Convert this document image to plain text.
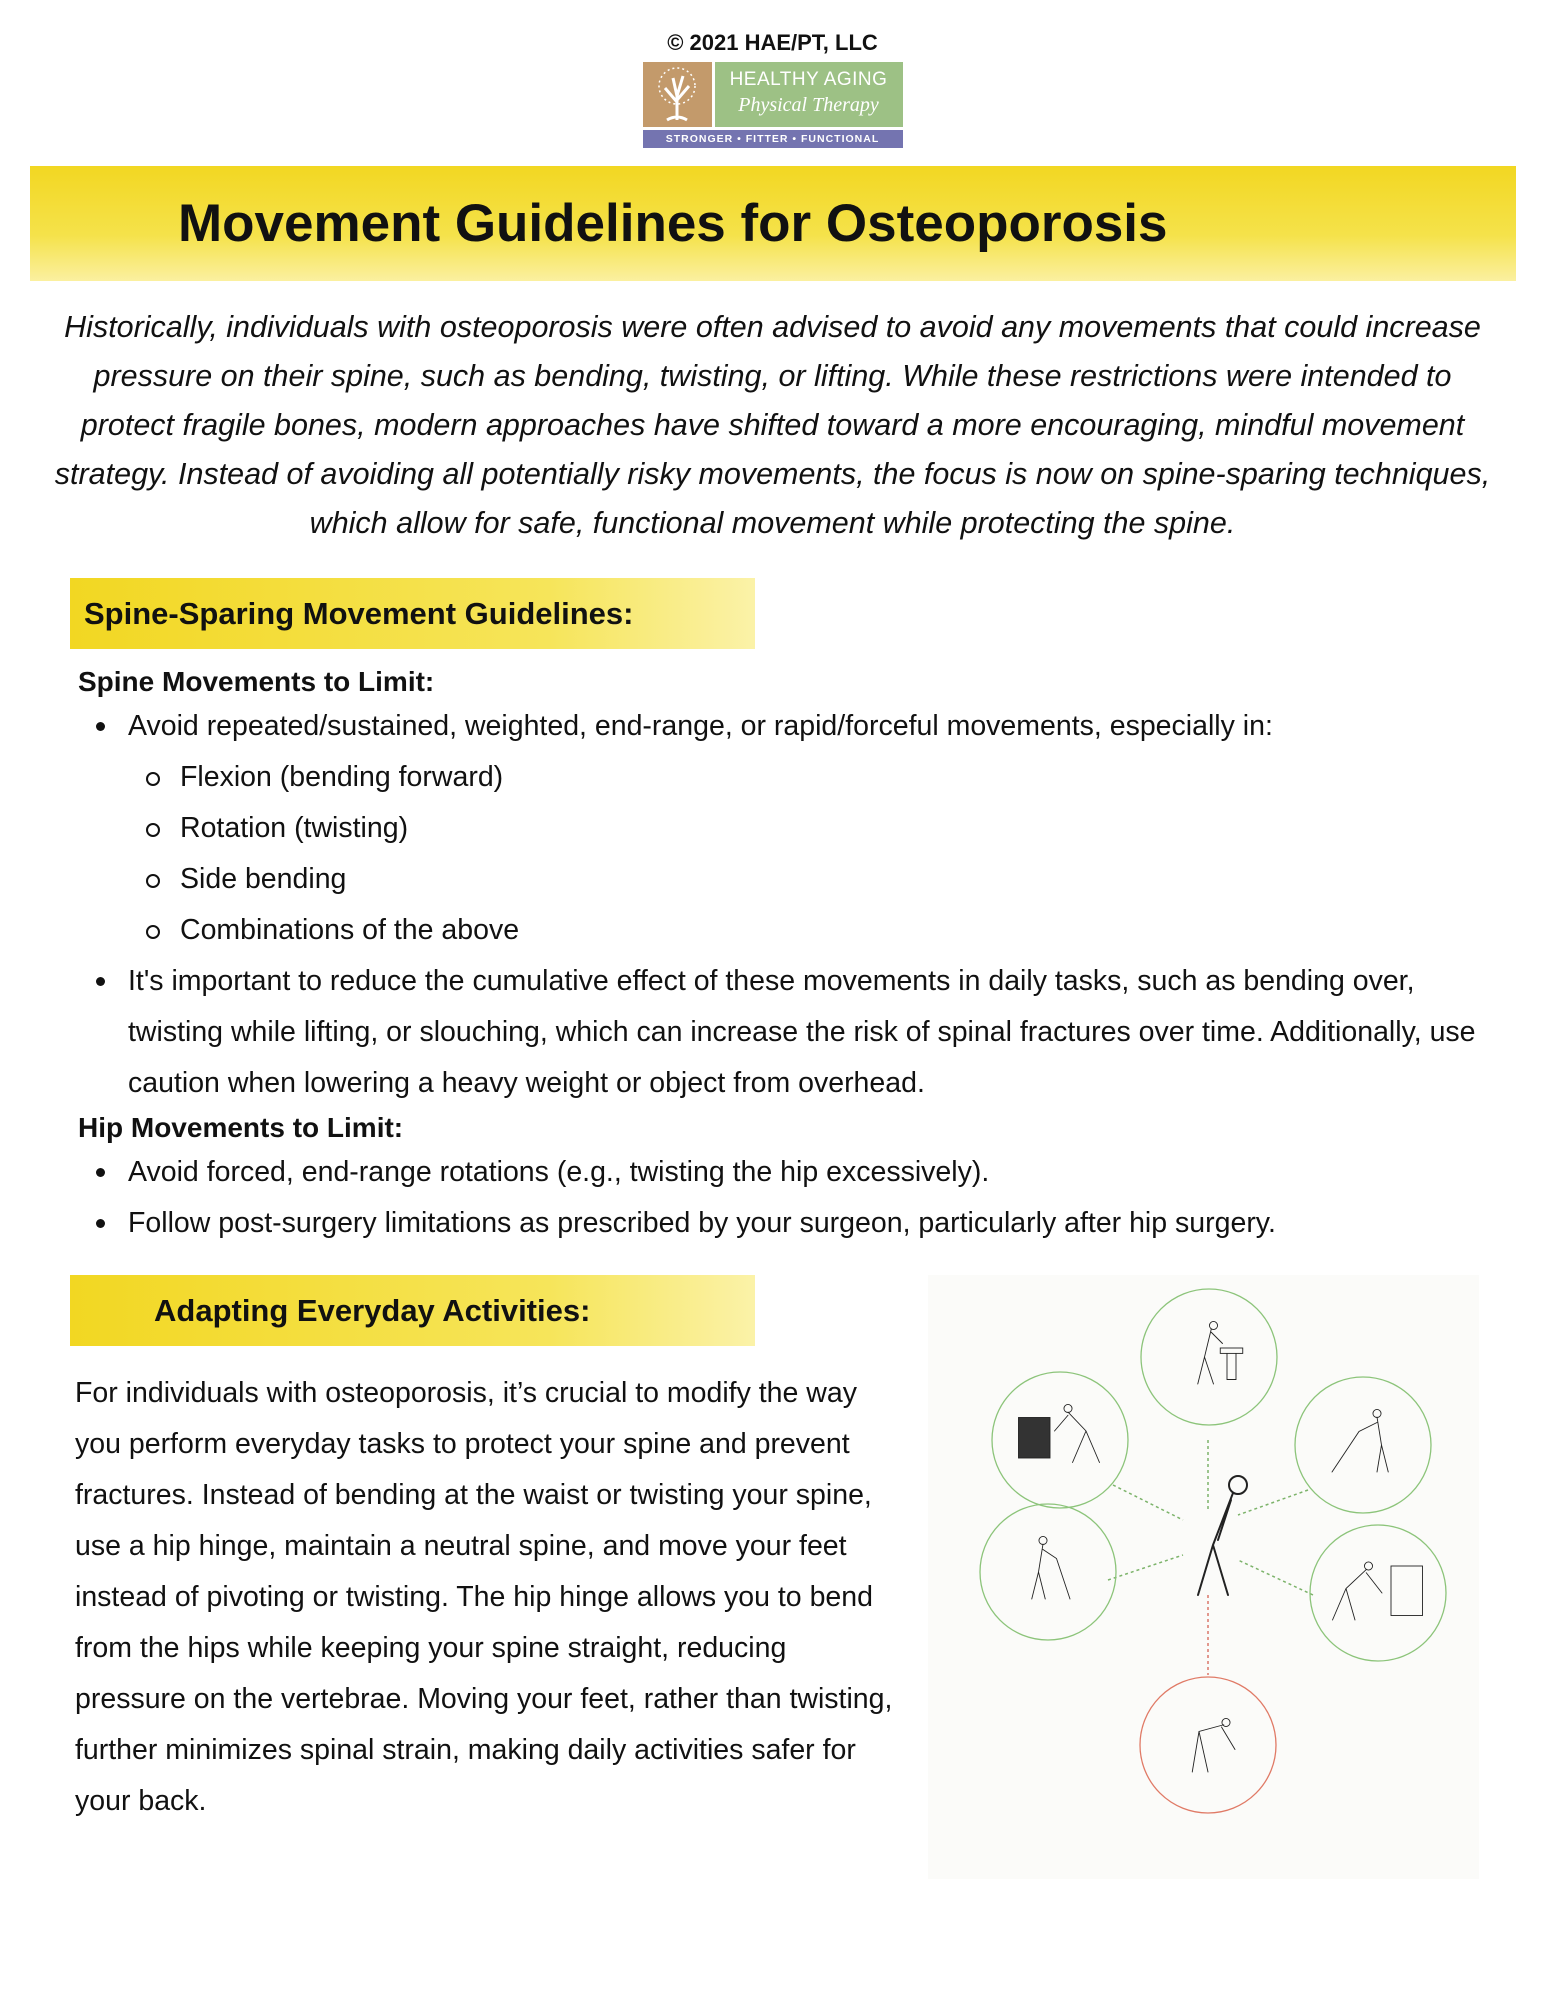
© 2021 HAE/PT, LLC
HEALTHY AGING
Physical Therapy
STRONGER • FITTER • FUNCTIONAL
Movement Guidelines for Osteoporosis
Historically, individuals with osteoporosis were often advised to avoid any movements that could increase pressure on their spine, such as bending, twisting, or lifting. While these restrictions were intended to protect fragile bones, modern approaches have shifted toward a more encouraging, mindful movement strategy. Instead of avoiding all potentially risky movements, the focus is now on spine-sparing techniques, which allow for safe, functional movement while protecting the spine.
Spine-Sparing Movement Guidelines:
Spine Movements to Limit:
Avoid repeated/sustained, weighted, end-range, or rapid/forceful movements, especially in:
Flexion (bending forward)
Rotation (twisting)
Side bending
Combinations of the above
It's important to reduce the cumulative effect of these movements in daily tasks, such as bending over, twisting while lifting, or slouching, which can increase the risk of spinal fractures over time. Additionally, use caution when lowering a heavy weight or object from overhead.
Hip Movements to Limit:
Avoid forced, end-range rotations (e.g., twisting the hip excessively).
Follow post-surgery limitations as prescribed by your surgeon, particularly after hip surgery.
Adapting Everyday Activities:
For individuals with osteoporosis, it’s crucial to modify the way you perform everyday tasks to protect your spine and prevent fractures. Instead of bending at the waist or twisting your spine, use a hip hinge, maintain a neutral spine, and move your feet instead of pivoting or twisting. The hip hinge allows you to bend from the hips while keeping your spine straight, reducing pressure on the vertebrae. Moving your feet, rather than twisting, further minimizes spinal strain, making daily activities safer for your back.
